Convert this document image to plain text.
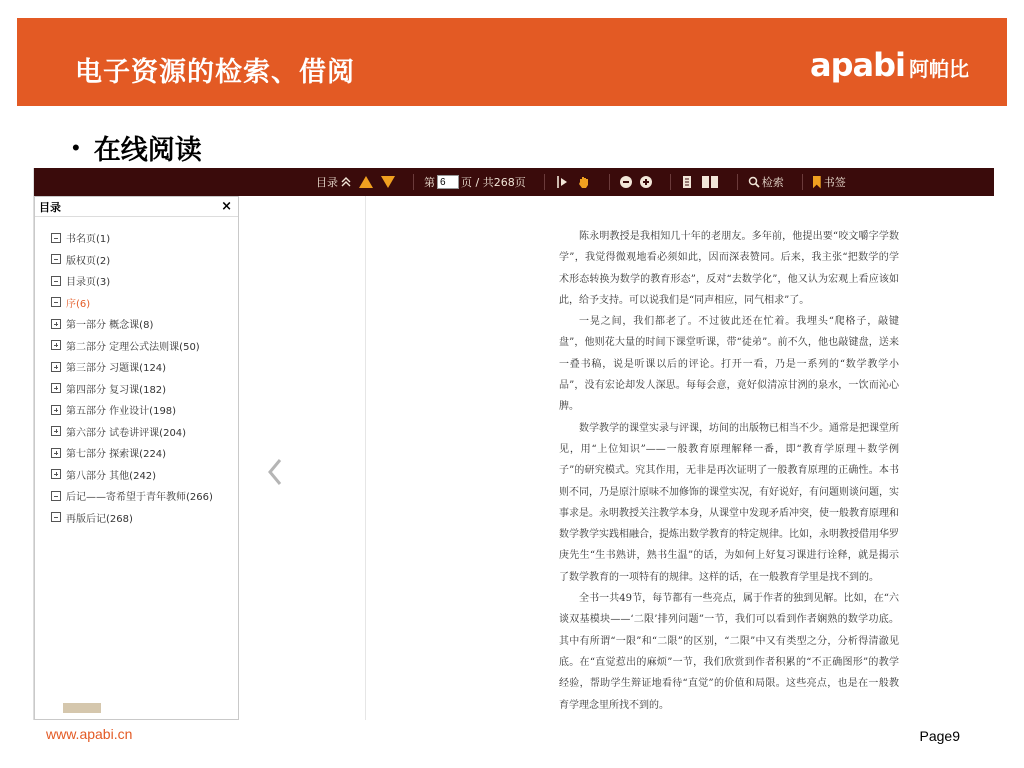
电子资源的检索、借阅	apabi 阿帕比
• 在线阅读
目录	第
6 页 / 共268页	检索	书签
目录	×
书名页(1)
版权页(2)
目录页(3)
序(6)
第一部分 概念课(8)
第二部分 定理公式法则课(50)
第三部分 习题课(124)
第四部分 复习课(182)
第五部分 作业设计(198)
第六部分 试卷讲评课(204)
第七部分 探索课(224)
第八部分 其他(242)
后记——寄希望于青年教师(266)
再版后记(268)

陈永明教授是我相知几十年的老朋友。多年前，他提出要“咬文嚼字学数学”，我觉得微观地看必须如此，因而深表赞同。后来，我主张“把数学的学术形态转换为数学的教育形态”，反对“去数学化”，他又认为宏观上看应该如此，给予支持。可以说我们是“同声相应，同气相求”了。

一晃之间，我们都老了。不过彼此还在忙着。我埋头“爬格子，敲键盘”，他则花大量的时间下课堂听课，带“徒弟”。前不久，他也敲键盘，送来一叠书稿，说是听课以后的评论。打开一看，乃是一系列的“数学教学小品”，没有宏论却发人深思。每每会意，竟好似清凉甘洌的泉水，一饮而沁心脾。

数学教学的课堂实录与评课，坊间的出版物已相当不少。通常是把课堂所见，用“上位知识”——一般教育原理解释一番，即“教育学原理＋数学例子”的研究模式。究其作用，无非是再次证明了一般教育原理的正确性。本书则不同，乃是原汁原味不加修饰的课堂实况，有好说好，有问题则谈问题，实事求是。永明教授关注教学本身，从课堂中发现矛盾冲突，使一般教育原理和数学教学实践相融合，提炼出数学教育的特定规律。比如，永明教授借用华罗庚先生“生书熟讲，熟书生温”的话，为如何上好复习课进行诠释，就是揭示了数学教育的一项特有的规律。这样的话，在一般教育学里是找不到的。

全书一共49节，每节都有一些亮点，属于作者的独到见解。比如，在“六谈双基模块——‘二限’排列问题”一节，我们可以看到作者娴熟的数学功底。其中有所谓“一限”和“二限”的区别，“二限”中又有类型之分，分析得清澈见底。在“直觉惹出的麻烦”一节，我们欣赏到作者积累的“不正确图形”的教学经验，帮助学生辩证地看待“直觉”的价值和局限。这些亮点，也是在一般教育学理念里所找不到的。

www.apabi.cn	Page9
